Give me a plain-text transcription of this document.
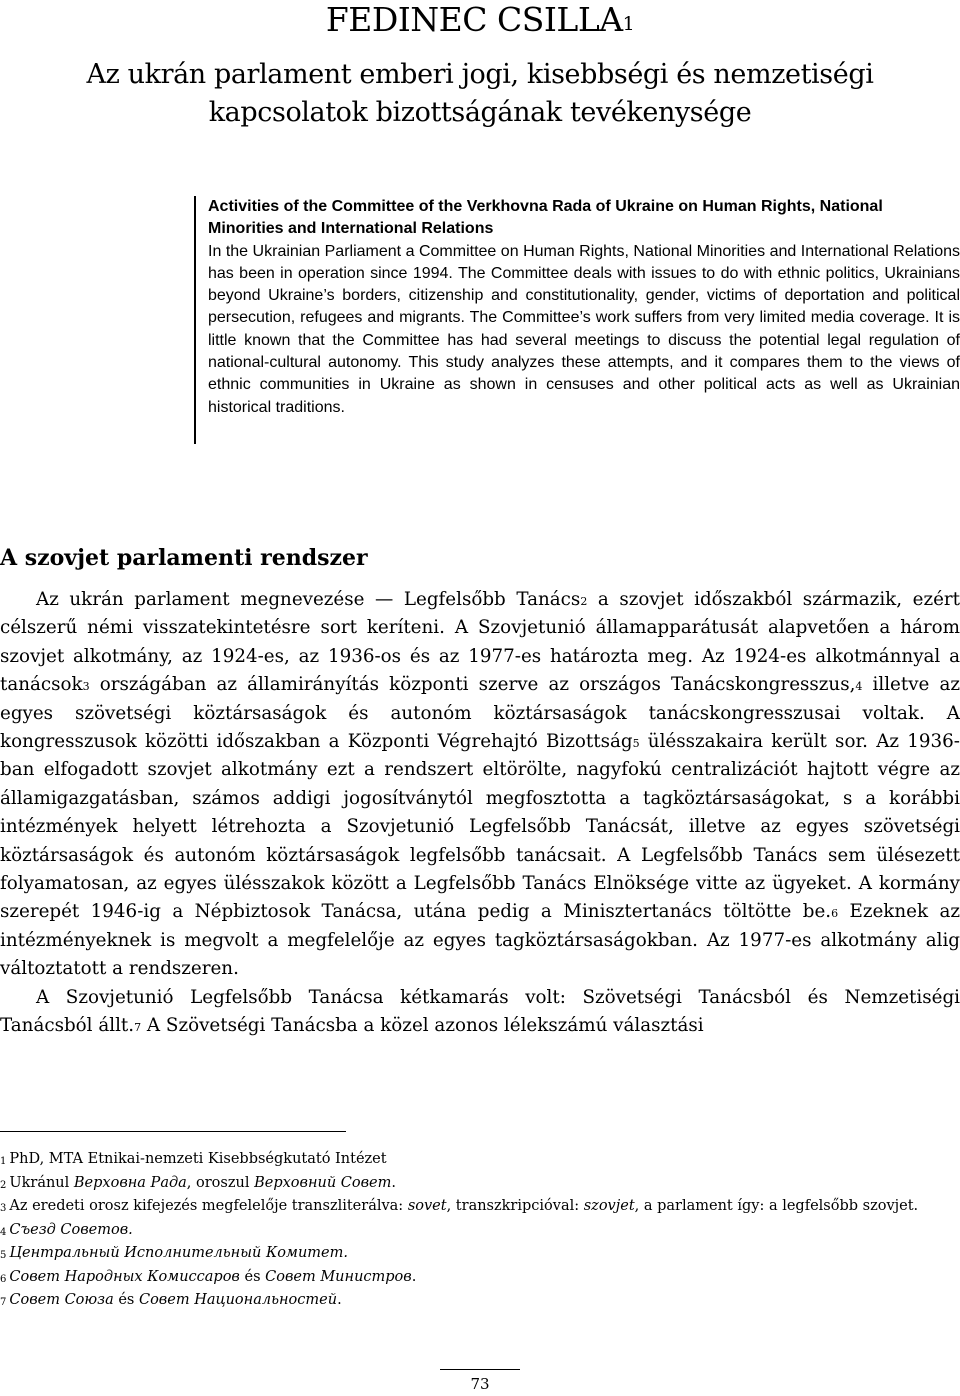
FEDINEC CSILLA$^1$
Az ukrán parlament emberi jogi, kisebbségi és nemzetiségi kapcsolatok bizottságának tevékenysége

Activities of the Committee of the Verkhovna Rada of Ukraine on Human Rights, National Minorities and International Relations

In the Ukrainian Parliament a Committee on Human Rights, National Minorities and International Relations has been in operation since 1994. The Committee deals with issues to do with ethnic politics, Ukrainians beyond Ukraine’s borders, citizenship and constitutionality, gender, victims of deportation and political persecution, refugees and migrants. The Committee’s work suffers from very limited media coverage. It is little known that the Committee has had several meetings to discuss the potential legal regulation of national-cultural autonomy. This study analyzes these attempts, and it compares them to the views of ethnic communities in Ukraine as shown in censuses and other political acts as well as Ukrainian historical traditions.

A szovjet parlamenti rendszer

Az ukrán parlament megnevezése — Legfelsőbb Tanács$^2$ a szovjet időszakból származik, ezért célszerű némi visszatekintetésre sort keríteni. A Szovjetunió államapparátusát alapvetően a három szovjet alkotmány, az 1924-es, az 1936-os és az 1977-es határozta meg. Az 1924-es alkotmánnyal a tanácsok$^3$ országában az államirányítás központi szerve az országos Tanácskongresszus,$^4$ illetve az egyes szövetségi köztársaságok és autonóm köztársaságok tanácskongresszusai voltak. A kongresszusok közötti időszakban a Központi Végrehajtó Bizottság$^5$ ülésszakaira került sor. Az 1936-ban elfogadott szovjet alkotmány ezt a rendszert eltörölte, nagyfokú centralizációt hajtott végre az államigazgatásban, számos addigi jogosítványtól megfosztotta a tagköztársaságokat, s a korábbi intézmények helyett létrehozta a Szovjetunió Legfelsőbb Tanácsát, illetve az egyes szövetségi köztársaságok és autonóm köztársaságok legfelsőbb tanácsait. A Legfelsőbb Tanács sem ülésezett folyamatosan, az egyes ülésszakok között a Legfelsőbb Tanács Elnöksége vitte az ügyeket. A kormány szerepét 1946-ig a Népbiztosok Tanácsa, utána pedig a Minisztertanács töltötte be.$^6$ Ezeknek az intézményeknek is megvolt a megfelelője az egyes tagköztársaságokban. Az 1977-es alkotmány alig változtatott a rendszeren.

A Szovjetunió Legfelsőbb Tanácsa kétkamarás volt: Szövetségi Tanácsból és Nemzetiségi Tanácsból állt.$^7$ A Szövetségi Tanácsba a közel azonos lélekszámú választási

$^1$ PhD, MTA Etnikai-nemzeti Kisebbségkutató Intézet

$^2$ Ukránul Верховна Рада, oroszul Верховний Совет.

$^3$ Az eredeti orosz kifejezés megfelelője transzliterálva: sovet, transzkripcióval: szovjet, a parlament így: a legfelsőbb szovjet.

$^4$ Съезд Советов.

$^5$ Центральный Исполнительный Комитет.

$^6$ Совет Народных Комиссаров és Совет Министров.

$^7$ Совет Союза és Совет Национальностей.

73
